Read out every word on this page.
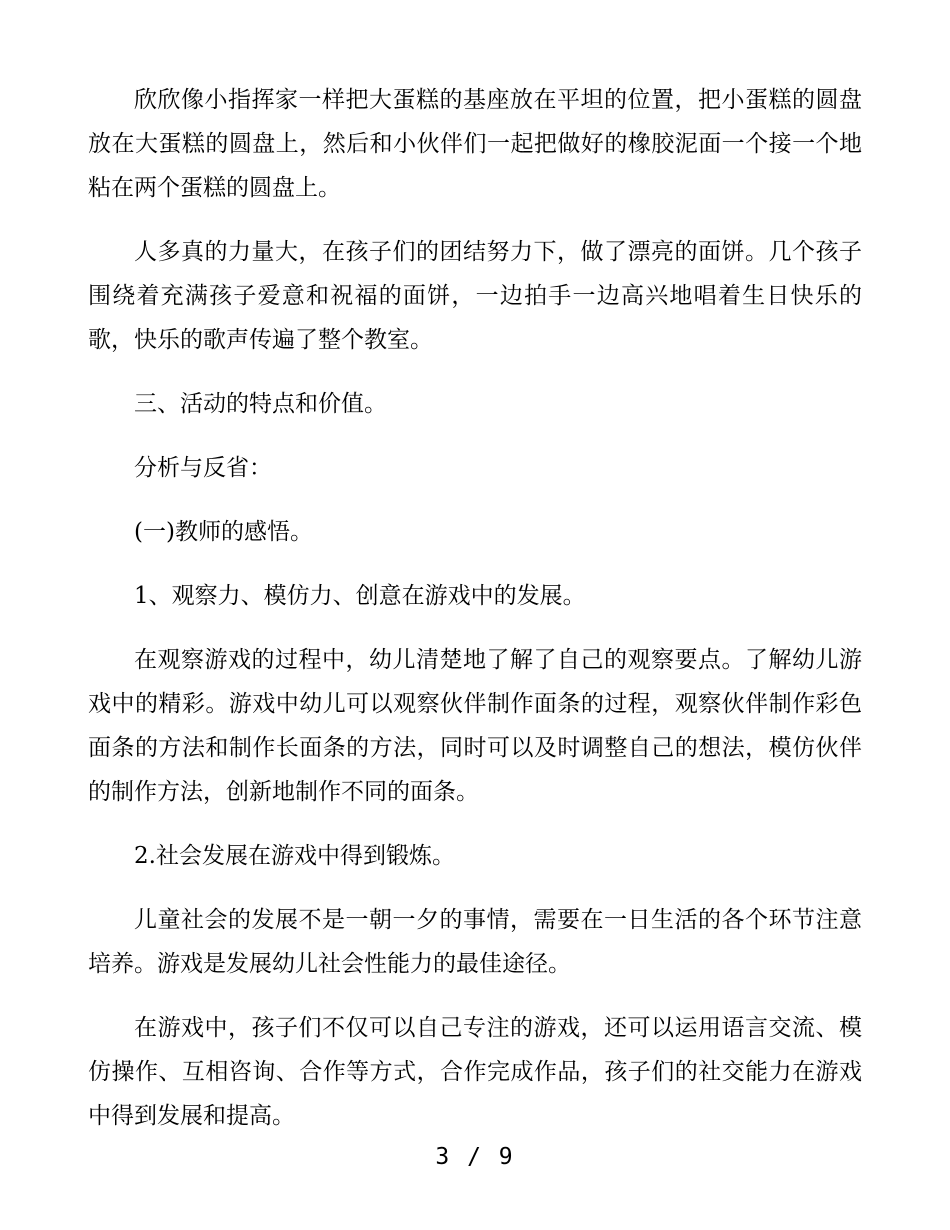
欣欣像小指挥家一样把大蛋糕的基座放在平坦的位置，把小蛋糕的圆盘放在大蛋糕的圆盘上，然后和小伙伴们一起把做好的橡胶泥面一个接一个地粘在两个蛋糕的圆盘上。

人多真的力量大，在孩子们的团结努力下，做了漂亮的面饼。几个孩子围绕着充满孩子爱意和祝福的面饼，一边拍手一边高兴地唱着生日快乐的歌，快乐的歌声传遍了整个教室。

三、活动的特点和价值。

分析与反省：

(一)教师的感悟。

1、观察力、模仿力、创意在游戏中的发展。

在观察游戏的过程中，幼儿清楚地了解了自己的观察要点。了解幼儿游戏中的精彩。游戏中幼儿可以观察伙伴制作面条的过程，观察伙伴制作彩色面条的方法和制作长面条的方法，同时可以及时调整自己的想法，模仿伙伴的制作方法，创新地制作不同的面条。

2.社会发展在游戏中得到锻炼。

儿童社会的发展不是一朝一夕的事情，需要在一日生活的各个环节注意培养。游戏是发展幼儿社会性能力的最佳途径。

在游戏中，孩子们不仅可以自己专注的游戏，还可以运用语言交流、模仿操作、互相咨询、合作等方式，合作完成作品，孩子们的社交能力在游戏中得到发展和提高。

3 / 9
